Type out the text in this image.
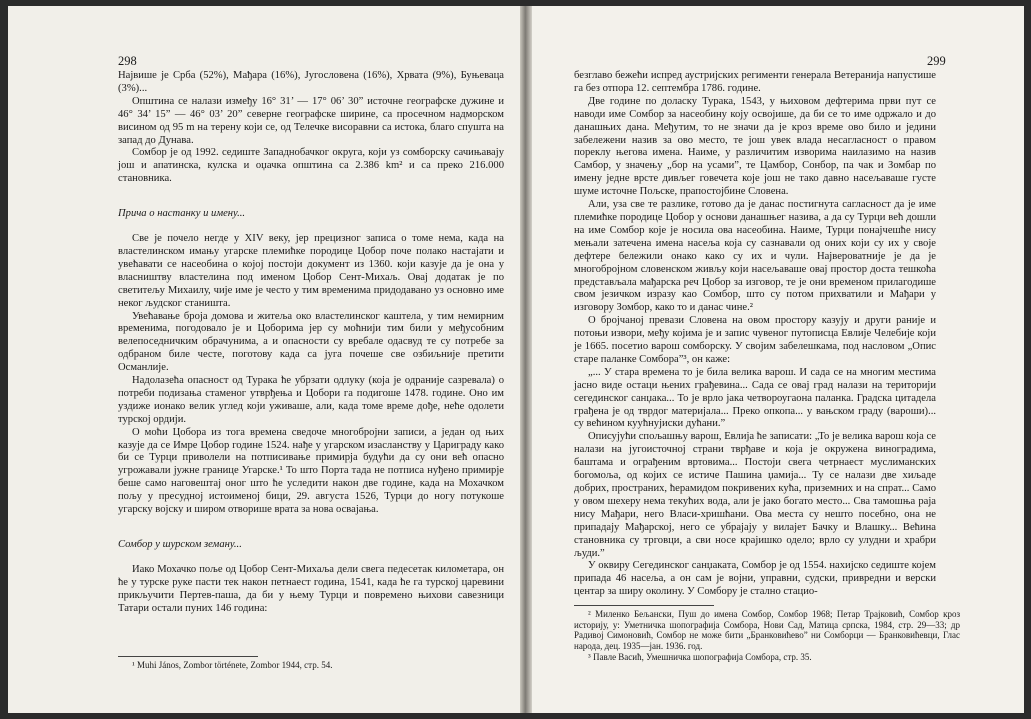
298

Највише је Срба (52%), Мађара (16%), Југословена (16%), Хрвата (9%), Буњеваца (3%)...

Општина се налази између 16° 31’ — 17° 06’ 30” источне географске дужине и 46° 34’ 15” — 46° 03’ 20” северне географске ширине, са просечном надморском висином од 95 m на терену који се, од Телечке висоравни са истока, благо спушта на запад до Дунава.

Сомбор је од 1992. седиште Западнобачког округа, који уз сомборску сачињавају још и апатинска, кулска и оџачка општина са 2.386 km² и са преко 216.000 становника.

Прича о настанку и имену...

Све је почело негде у XIV веку, јер прецизног записа о томе нема, када на властелинском имању угарске племићке породице Цобор поче полако настајати и увећавати се насеобина о којој постоји документ из 1360. који казује да је она у власништву властелина под именом Цобор Сент-Михаљ. Овај додатак је по светитељу Михаилу, чије име је често у тим временима придодавано уз основно име неког људског станишта.

Увећавање броја домова и житеља око властелинског каштела, у тим немирним временима, погодовало је и Цоборима јер су моћнији тим били у међусобним велепоседничким обрачунима, а и опасности су вребале одасвуд те су потребе за одбраном биле честе, поготову када са југа почеше све озбиљније претити Османлије.

Надолазећа опасност од Турака ће убрзати одлуку (која је одраније сазревала) о потреби подизања стаменог утврђења и Цобори га подигоше 1478. године. Оно им уздиже ионако велик углед који уживаше, али, када томе време дође, неће одолети турској ордији.

О моћи Цобора из тога времена сведоче многобројни записи, а један од њих казује да се Имре Цобор године 1524. нађе у угарском изасланству у Цариграду како би се Турци приволели на потписивање примирја будући да су они већ опасно угрожавали јужне границе Угарске.¹ То што Порта тада не потписа нуђено примирје беше само наговештај оног што ће уследити након две године, када на Мохачком пољу у пресудној истоименој бици, 29. августа 1526, Турци до ногу потукоше угарску војску и широм отворише врата за нова освајања.

Сомбор у шурском земану...

Иако Мохачко поље од Цобор Сент-Михаља дели свега педесетак километара, он ће у турске руке пасти тек након петнаест година, 1541, када ће га турској царевини прикључити Пертев-паша, да би у њему Турци и повремено њихови савезници Татари остали пуних 146 година:

¹ Muhi János, Zombor története, Zombor 1944, стр. 54.
299

безглаво бежећи испред аустријских регименти генерала Ветеранија напустише га без отпора 12. септембра 1786. године.

Две године по доласку Турака, 1543, у њиховом дефтерима први пут се наводи име Сомбор за насеобину коју освојише, да би се то име одржало и до данашњих дана. Међутим, то не значи да је кроз време ово било и једини забележени назив за ово место, те још увек влада несагласност о правом пореклу његова имена. Наиме, у различитим изворима наилазимо на назив Самбор, у значењу „бор на усами”, те Цамбор, Сонбор, па чак и Зомбар по имену једне врсте дивљег говечета које још не тако давно насељаваше густе шуме источне Пољске, прапостојбине Словена.

Али, уза све те разлике, готово да је данас постигнута сагласност да је име племићке породице Цобор у основи данашњег назива, а да су Турци већ дошли на име Сомбор које је носила ова насеобина. Наиме, Турци понајчешће нису мењали затечена имена насеља која су сазнавали од оних који су их у своје дефтере бележили онако како су их и чули. Највероватније је да је многобројном словенском живљу који насељаваше овај простор доста тешкоћа представљала мађарска реч Цобор за изговор, те је они временом прилагодише свом језичком изразу као Сомбор, што су потом прихватили и Мађари у изговору Зомбор, како то и данас чине.²

О бројчаној превази Словена на овом простору казују и други раније и потоњи извори, међу којима је и запис чувеног путописца Евлије Челебије који је 1665. посетио варош сомборску. У својим забелешкама, под насловом „Опис старе паланке Сомбора”³, он каже:

„... У стара времена то је била велика варош. И сада се на многим местима јасно виде остаци њених грађевина... Сада се овај град налази на територији сегединског санџака... То је врло јака четвороугаона паланка. Градска цитадела грађена је од тврдог материјала... Преко опкопа... у вањском граду (вароши)... су већином куућнујиски дућани.”

Описујући спољашњу варош, Евлија ће записати: „То је велика варош која се налази на југоисточној страни тврђаве и која је окружена виноградима, баштама и ограђеним вртовима... Постоји свега четрнаест муслиманских богомоља, од којих се истиче Пашина џамија... Ту се налази две хиљаде добрих, пространих, ћерамидом покривених кућа, призeмних и на спрат... Само у овом шехеру нема текућих вода, али је јако богато место... Сва тамошња раја нису Мађари, него Власи-хришћани. Ова места су нешто посебно, она не припадају Мађарској, него се убрајају у вилајет Бачку и Влашку... Већина становника су трговци, а сви носе крајишко одело; врло су улудни и храбри људи.”

У оквиру Сегединског санџаката, Сомбор је од 1554. нахијско седиште којем припада 46 насеља, а он сам је војни, управни, судски, привредни и верски центар за ширу околину. У Сомбору је стално стацио-

² Миленко Бељански, Пуш до имена Сомбор, Сомбор 1968; Петар Трајковић, Сомбор кроз историју, у: Уметничка шопографија Сомбора, Нови Сад, Матица српска, 1984, стр. 29—33; др Радивој Симоновић, Сомбор не може бити „Бранковићево” ни Сомборци — Бранковићевци, Глас народа, дец. 1935—јан. 1936. год.
³ Павле Васић, Умешничка шопографија Сомбора, стр. 35.
